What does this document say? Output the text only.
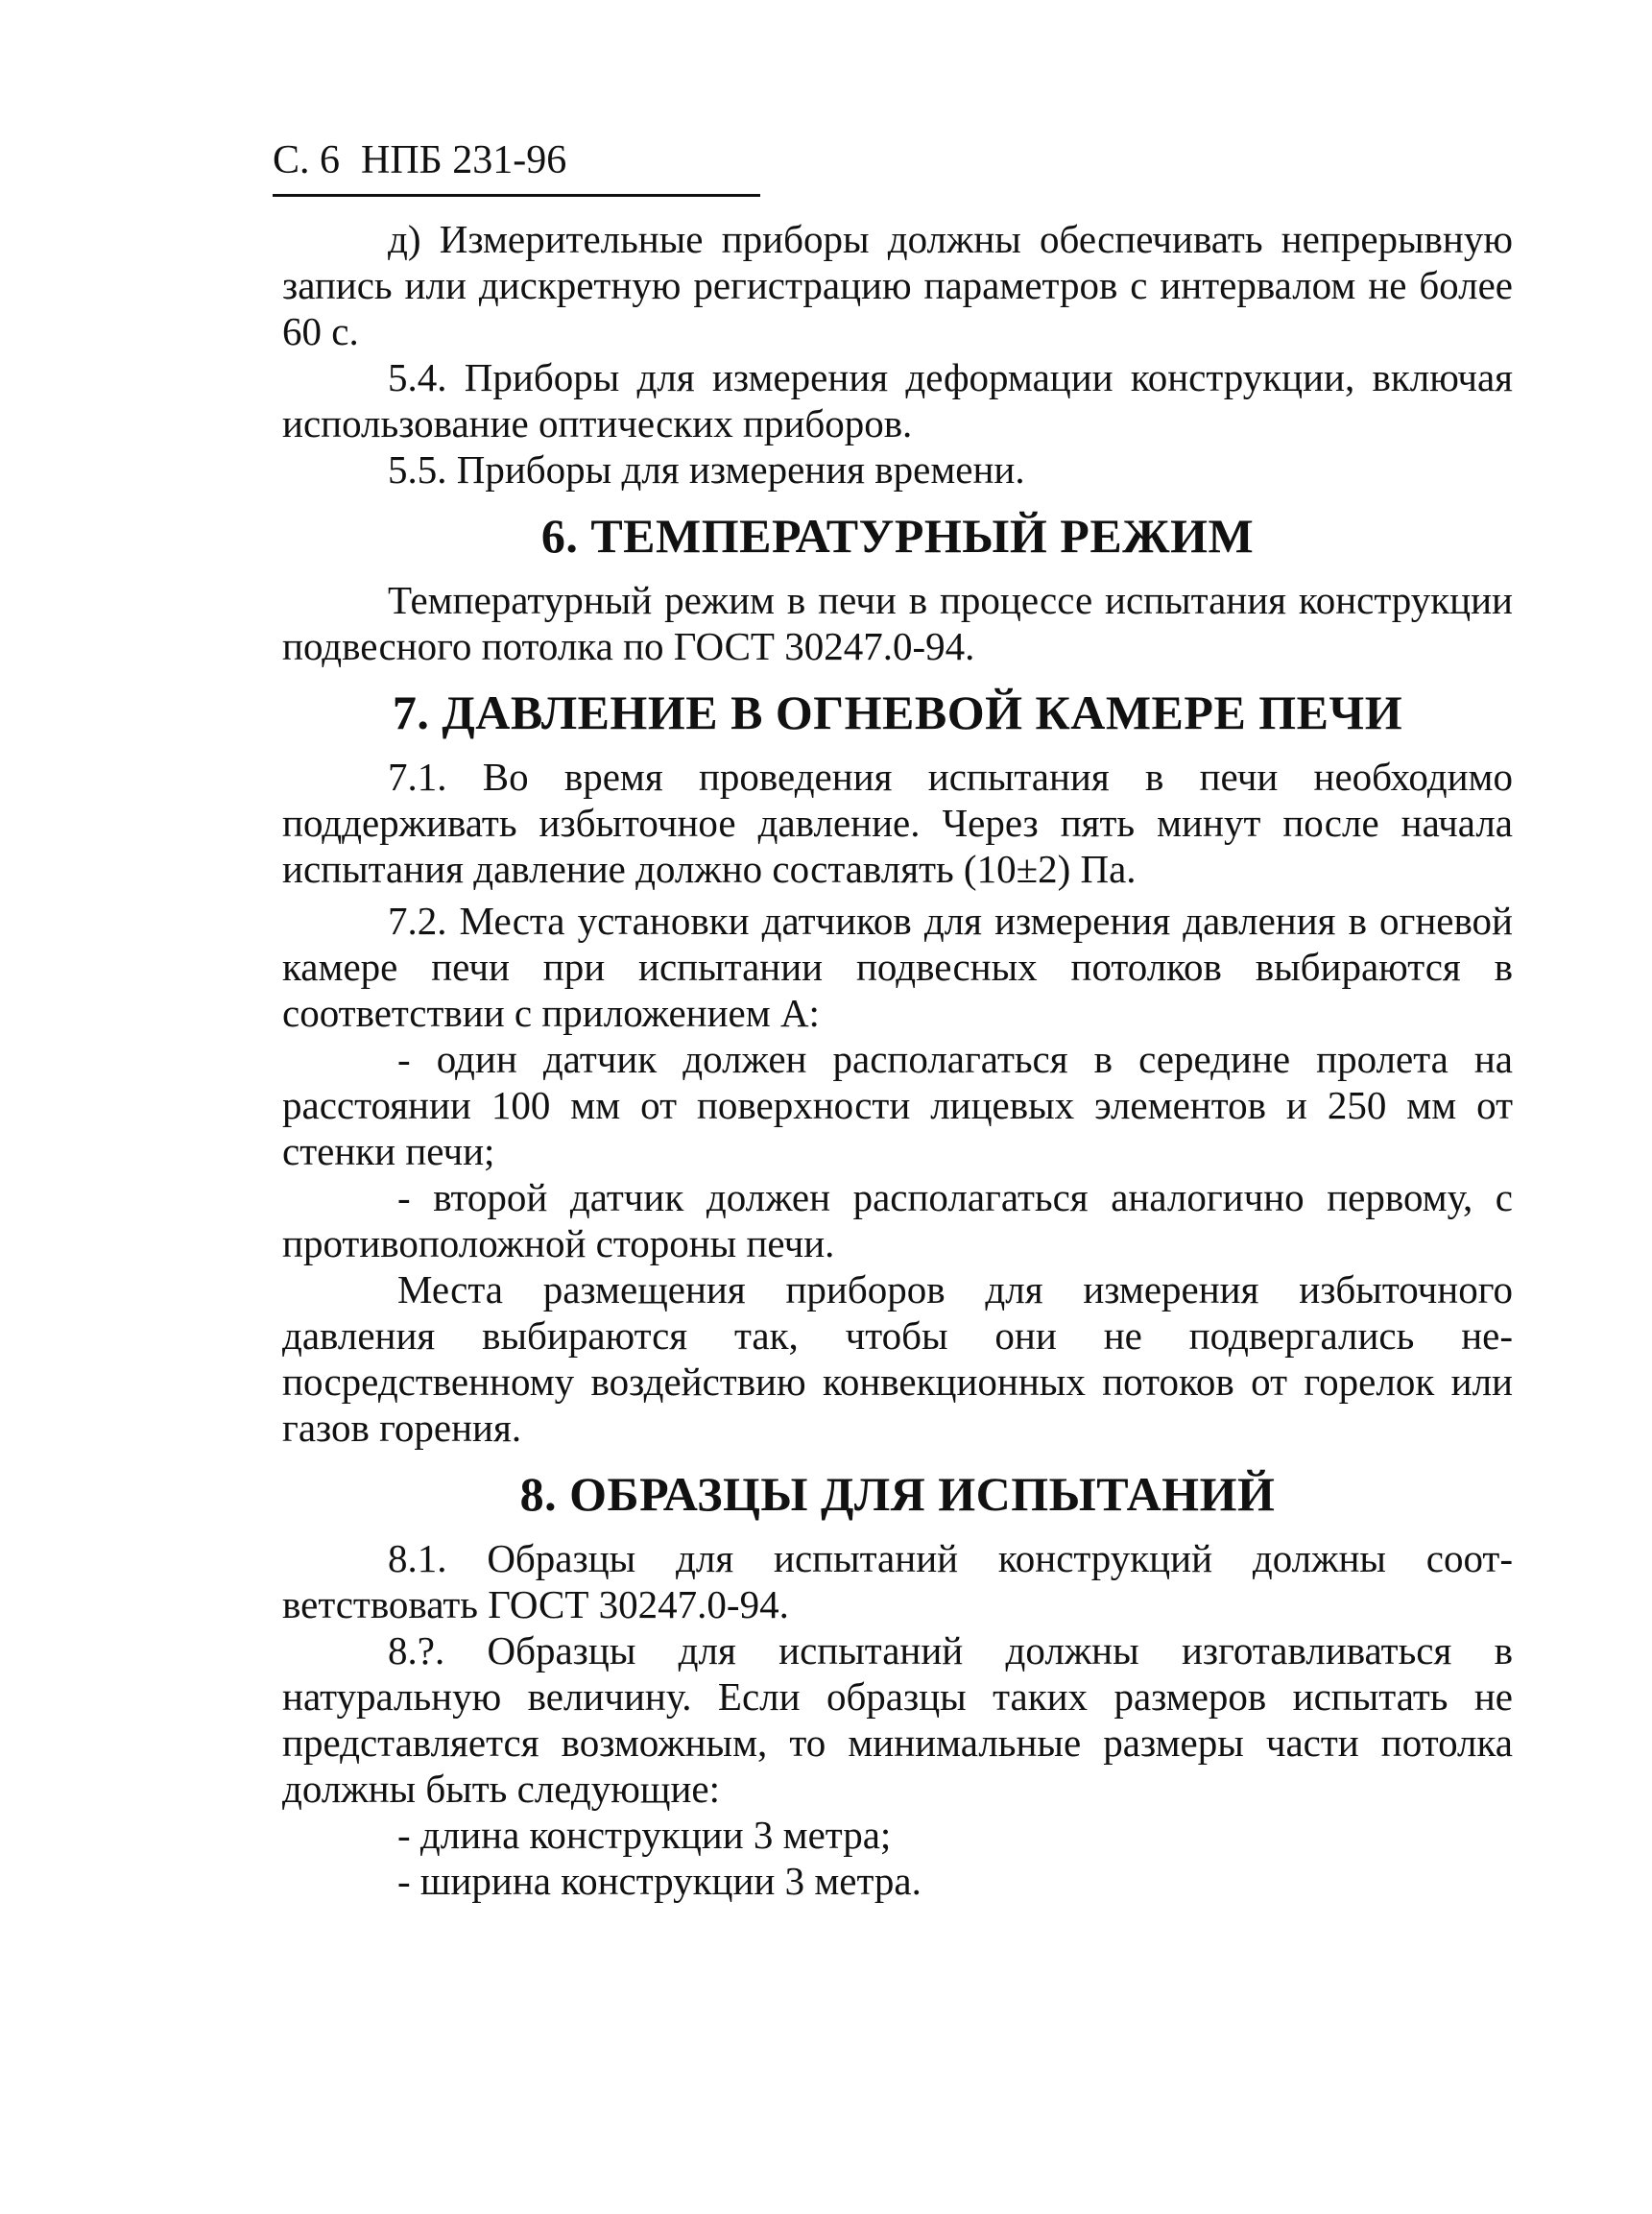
С. 6 НПБ 231-96

д) Измерительные приборы должны обеспечивать непрерывную запись или дискретную регистрацию параметров с интервалом не более 60 с.

5.4. Приборы для измерения деформации конструкции, включая использование оптических приборов.

5.5. Приборы для измерения времени.

6. ТЕМПЕРАТУРНЫЙ РЕЖИМ

Температурный режим в печи в процессе испытания конструкции подвесного потолка по ГОСТ 30247.0-94.

7. ДАВЛЕНИЕ В ОГНЕВОЙ КАМЕРЕ ПЕЧИ

7.1. Во время проведения испытания в печи необходимо поддерживать избыточное давление. Через пять минут после начала испытания давление должно составлять (10±2) Па.

7.2. Места установки датчиков для измерения давления в огневой камере печи при испытании подвесных потолков выбираются в соответствии с приложением А:

- один датчик должен располагаться в середине пролета на расстоянии 100 мм от поверхности лицевых элементов и 250 мм от стенки печи;

- второй датчик должен располагаться аналогично первому, с противоположной стороны печи.

Места размещения приборов для измерения избыточного давления выбираются так, чтобы они не подвергались непосредственному воздействию конвекционных потоков от горелок или газов горения.

8. ОБРАЗЦЫ ДЛЯ ИСПЫТАНИЙ

8.1. Образцы для испытаний конструкций должны соответствовать ГОСТ 30247.0-94.

8.?. Образцы для испытаний должны изготавливаться в натуральную величину. Если образцы таких размеров испытать не представляется возможным, то минимальные размеры части потолка должны быть следующие:

- длина конструкции 3 метра;

- ширина конструкции 3 метра.
